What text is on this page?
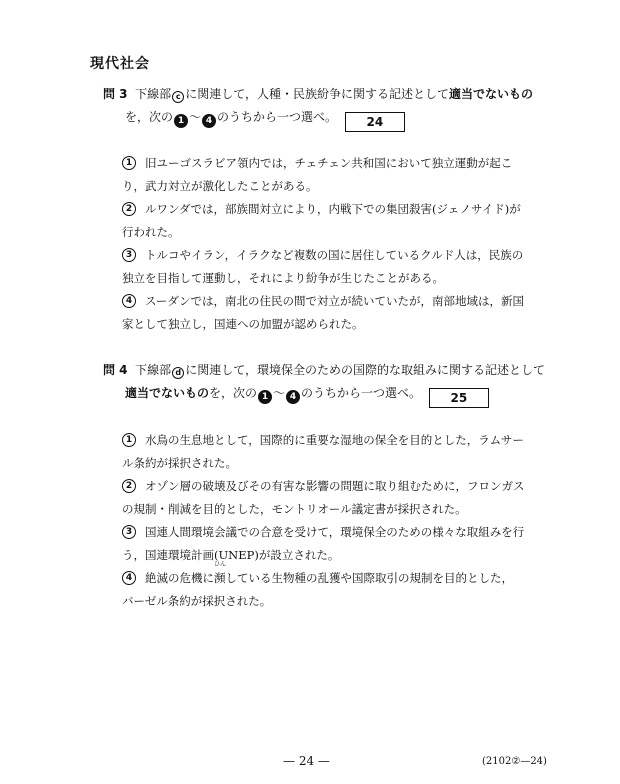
現代社会
問 3 下線部 c に関連して，人種・民族紛争に関する記述として適当でないもの
を，次の 1 ～ 4 のうちから一つ選べ。 24
1	旧ユーゴスラビア領内では，チェチェン共和国において独立運動が起こ
り，武力対立が激化したことがある。
2	ルワンダでは，部族間対立により，内戦下での集団殺害(ジェノサイド)が
行われた。
3	トルコやイラン，イラクなど複数の国に居住しているクルド人は，民族の
独立を目指して運動し，それにより紛争が生じたことがある。
4	スーダンでは，南北の住民の間で対立が続いていたが，南部地域は，新国
家として独立し，国連への加盟が認められた。
問 4 下線部 d に関連して，環境保全のための国際的な取組みに関する記述として
適当でないものを，次の 1 ～ 4 のうちから一つ選べ。 25
1	水鳥の生息地として，国際的に重要な湿地の保全を目的とした，ラムサー
ル条約が採択された。
2	オゾン層の破壊及びその有害な影響の問題に取り組むために，フロンガス
の規制・削減を目的とした，モントリオール議定書が採択された。
3	国連人間環境会議での合意を受けて，環境保全のための様々な取組みを行
う，国連環境計画(UNEP)が設立された。
4	絶滅の危機に
ひん
瀕している生物種の乱獲や国際取引の規制を目的とした，
バーゼル条約が採択された。
— 24 —	(2102②—24)
